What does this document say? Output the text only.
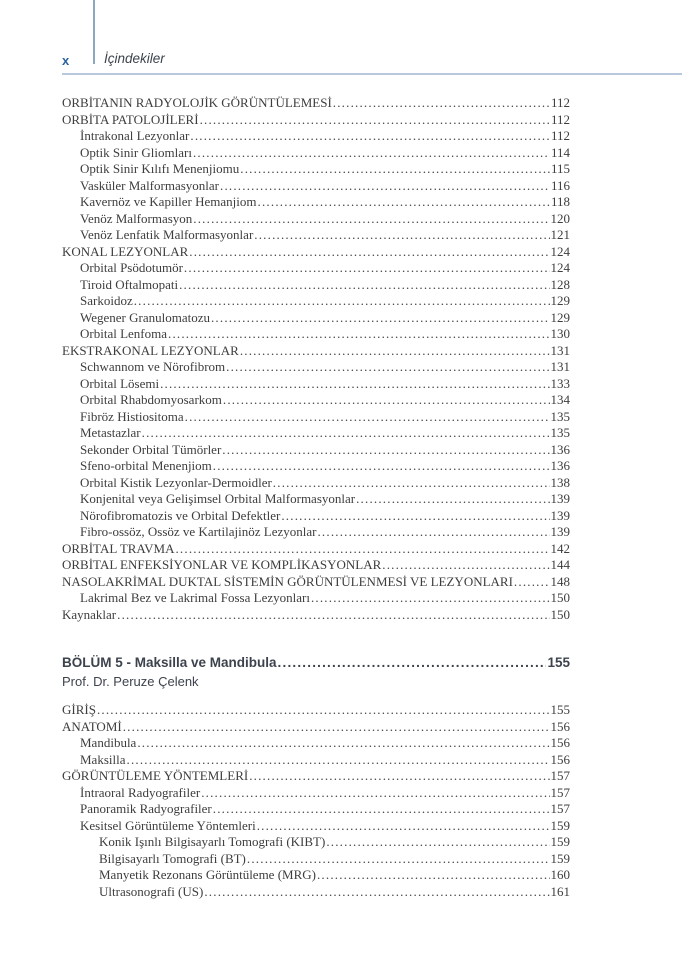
x	İçindekiler
ORBİTANIN RADYOLOJİK GÖRÜNTÜLEMESİ .....	112
ORBİTA PATOLOJİLERİ .....	112
İntrakonal Lezyonlar .....	112
Optik Sinir Gliomları .....	114
Optik Sinir Kılıfı Menenjiomu .....	115
Vasküler Malformasyonlar .....	116
Kavernöz ve Kapiller Hemanjiom .....	118
Venöz Malformasyon .....	120
Venöz Lenfatik Malformasyonlar .....	121
KONAL LEZYONLAR .....	124
Orbital Psödotumör .....	124
Tiroid Oftalmopati .....	128
Sarkoidoz .....	129
Wegener Granulomatozu .....	129
Orbital Lenfoma .....	130
EKSTRAKONAL LEZYONLAR .....	131
Schwannom ve Nörofibrom .....	131
Orbital Lösemi .....	133
Orbital Rhabdomyosarkom .....	134
Fibröz Histiositoma .....	135
Metastazlar .....	135
Sekonder Orbital Tümörler .....	136
Sfeno-orbital Menenjiom .....	136
Orbital Kistik Lezyonlar-Dermoidler .....	138
Konjenital veya Gelişimsel Orbital Malformasyonlar .....	139
Nörofibromatozis ve Orbital Defektler .....	139
Fibro-ossöz, Ossöz ve Kartilajinöz Lezyonlar .....	139
ORBİTAL TRAVMA .....	142
ORBİTAL ENFEKSİYONLAR VE KOMPLİKASYONLAR .....	144
NASOLAKRİMAL DUKTAL SİSTEMİN GÖRÜNTÜLENMESİ VE LEZYONLARI .....	148
Lakrimal Bez ve Lakrimal Fossa Lezyonları .....	150
Kaynaklar .....	150
BÖLÜM 5 - Maksilla ve Mandibula .....	155
Prof. Dr. Peruze Çelenk
GİRİŞ .....	155
ANATOMİ .....	156
Mandibula .....	156
Maksilla .....	156
GÖRÜNTÜLEME YÖNTEMLERİ .....	157
İntraoral Radyografiler .....	157
Panoramik Radyografiler .....	157
Kesitsel Görüntüleme Yöntemleri .....	159
Konik Işınlı Bilgisayarlı Tomografi (KIBT) .....	159
Bilgisayarlı Tomografi (BT) .....	159
Manyetik Rezonans Görüntüleme (MRG) .....	160
Ultrasonografi (US) .....	161
